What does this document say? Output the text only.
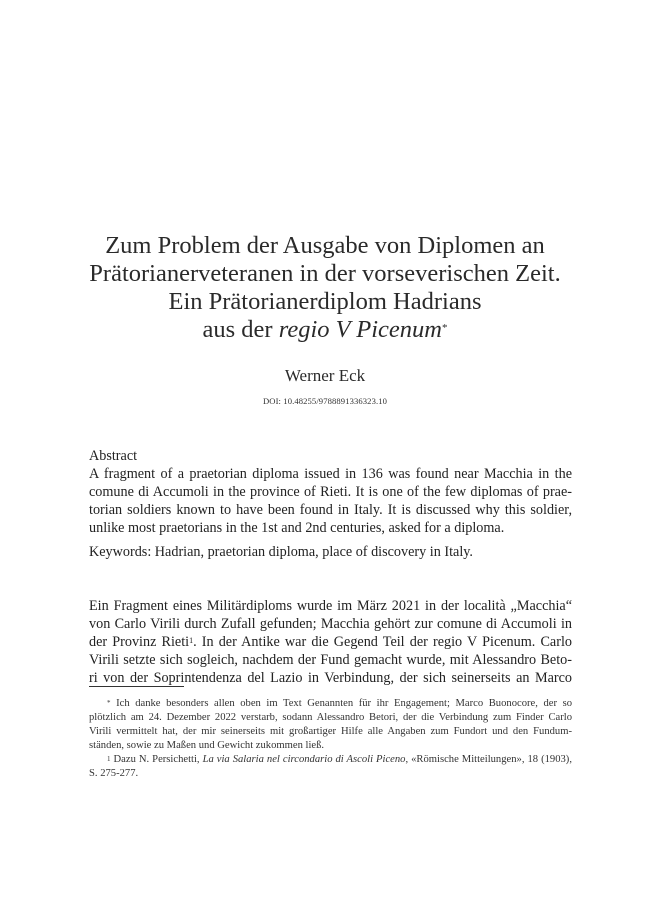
Zum Problem der Ausgabe von Diplomen an
Prätorianerveteranen in der vorseverischen Zeit.
Ein Prätorianerdiplom Hadrians
aus der regio V Picenum*
Werner Eck
DOI: 10.48255/9788891336323.10
Abstract
A fragment of a praetorian diploma issued in 136 was found near Macchia in the
comune di Accumoli in the province of Rieti. It is one of the few diplomas of prae-
torian soldiers known to have been found in Italy. It is discussed why this soldier,
unlike most praetorians in the 1st and 2nd centuries, asked for a diploma.
Keywords: Hadrian, praetorian diploma, place of discovery in Italy.
Ein Fragment eines Militärdiploms wurde im März 2021 in der località „Macchia“
von Carlo Virili durch Zufall gefunden; Macchia gehört zur comune di Accumoli in
der Provinz Rieti$^1$. In der Antike war die Gegend Teil der regio V Picenum. Carlo
Virili setzte sich sogleich, nachdem der Fund gemacht wurde, mit Alessandro Beto-
ri von der Soprintendenza del Lazio in Verbindung, der sich seinerseits an Marco
* Ich danke besonders allen oben im Text Genannten für ihr Engagement; Marco Buonocore, der so
plötzlich am 24. Dezember 2022 verstarb, sodann Alessandro Betori, der die Verbindung zum Finder Carlo
Virili vermittelt hat, der mir seinerseits mit großartiger Hilfe alle Angaben zum Fundort und den Fundum-
ständen, sowie zu Maßen und Gewicht zukommen ließ.
$^1$ Dazu N. Persichetti, La via Salaria nel circondario di Ascoli Piceno, «Römische Mitteilungen», 18 (1903),
S. 275-277.
